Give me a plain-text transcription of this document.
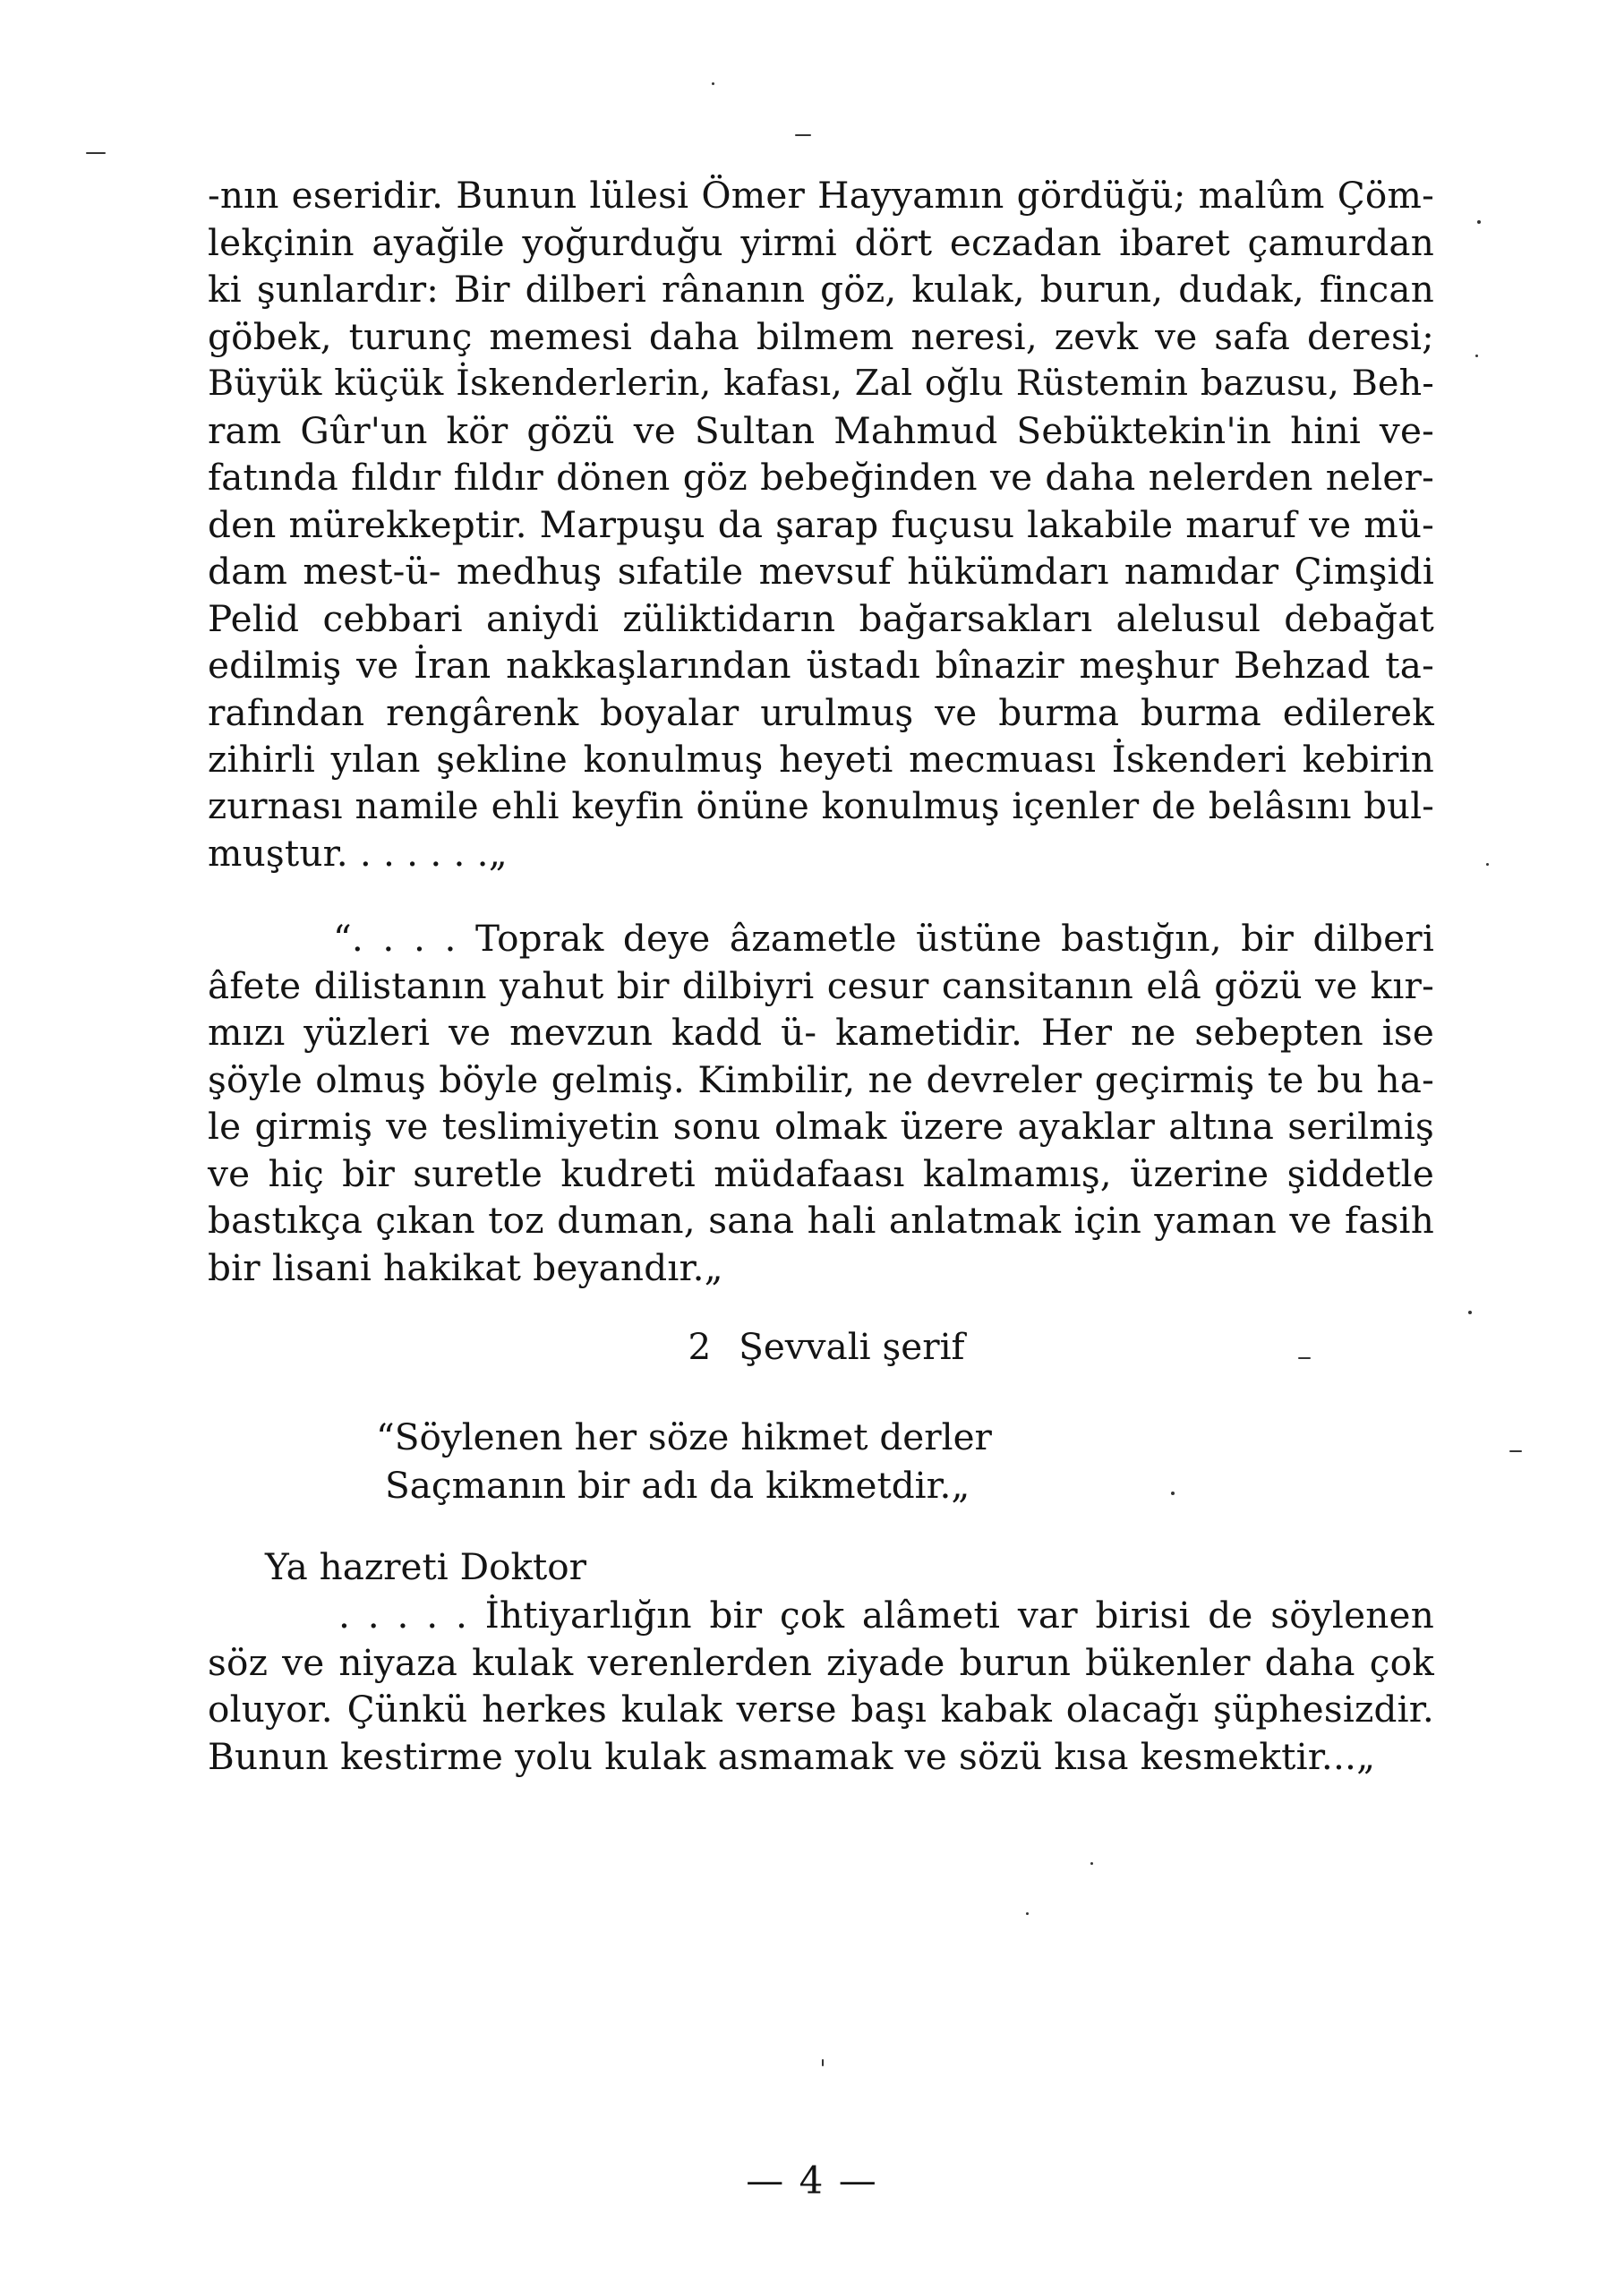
-nın eseridir. Bunun lülesi Ömer Hayyamın gördüğü; malûm Çöm-
lekçinin ayağile yoğurduğu yirmi dört eczadan ibaret çamurdan
ki şunlardır: Bir dilberi rânanın göz, kulak, burun, dudak, fincan
göbek, turunç memesi daha bilmem neresi, zevk ve safa deresi;
Büyük küçük İskenderlerin, kafası, Zal oğlu Rüstemin bazusu, Beh-
ram Gûr'un kör gözü ve Sultan Mahmud Sebüktekin'in hini ve-
fatında fıldır fıldır dönen göz bebeğinden ve daha nelerden neler-
den mürekkeptir. Marpuşu da şarap fuçusu lakabile maruf ve mü-
dam mest-ü- medhuş sıfatile mevsuf hükümdarı namıdar Çimşidi
Pelid cebbari aniydi züliktidarın bağarsakları alelusul debağat
edilmiş ve İran nakkaşlarından üstadı bînazir meşhur Behzad ta-
rafından rengârenk boyalar urulmuş ve burma burma edilerek
zihirli yılan şekline konulmuş heyeti mecmuası İskenderi kebirin
zurnası namile ehli keyfin önüne konulmuş içenler de belâsını bul-
muştur. . . . . . .„
“. . . . Toprak deye âzametle üstüne bastığın, bir dilberi
âfete dilistanın yahut bir dilbiyri cesur cansitanın elâ gözü ve kır-
mızı yüzleri ve mevzun kadd ü- kametidir. Her ne sebepten ise
şöyle olmuş böyle gelmiş. Kimbilir, ne devreler geçirmiş te bu ha-
le girmiş ve teslimiyetin sonu olmak üzere ayaklar altına serilmiş
ve hiç bir suretle kudreti müdafaası kalmamış, üzerine şiddetle
bastıkça çıkan toz duman, sana hali anlatmak için yaman ve fasih
bir lisani hakikat beyandır.„
2 Şevvali şerif
“Söylenen her söze hikmet derler
Saçmanın bir adı da kikmetdir.„
Ya hazreti Doktor
. . . . . İhtiyarlığın bir çok alâmeti var birisi de söylenen
söz ve niyaza kulak verenlerden ziyade burun bükenler daha çok
oluyor. Çünkü herkes kulak verse başı kabak olacağı şüphesizdir.
Bunun kestirme yolu kulak asmamak ve sözü kısa kesmektir...„
— 4 —
